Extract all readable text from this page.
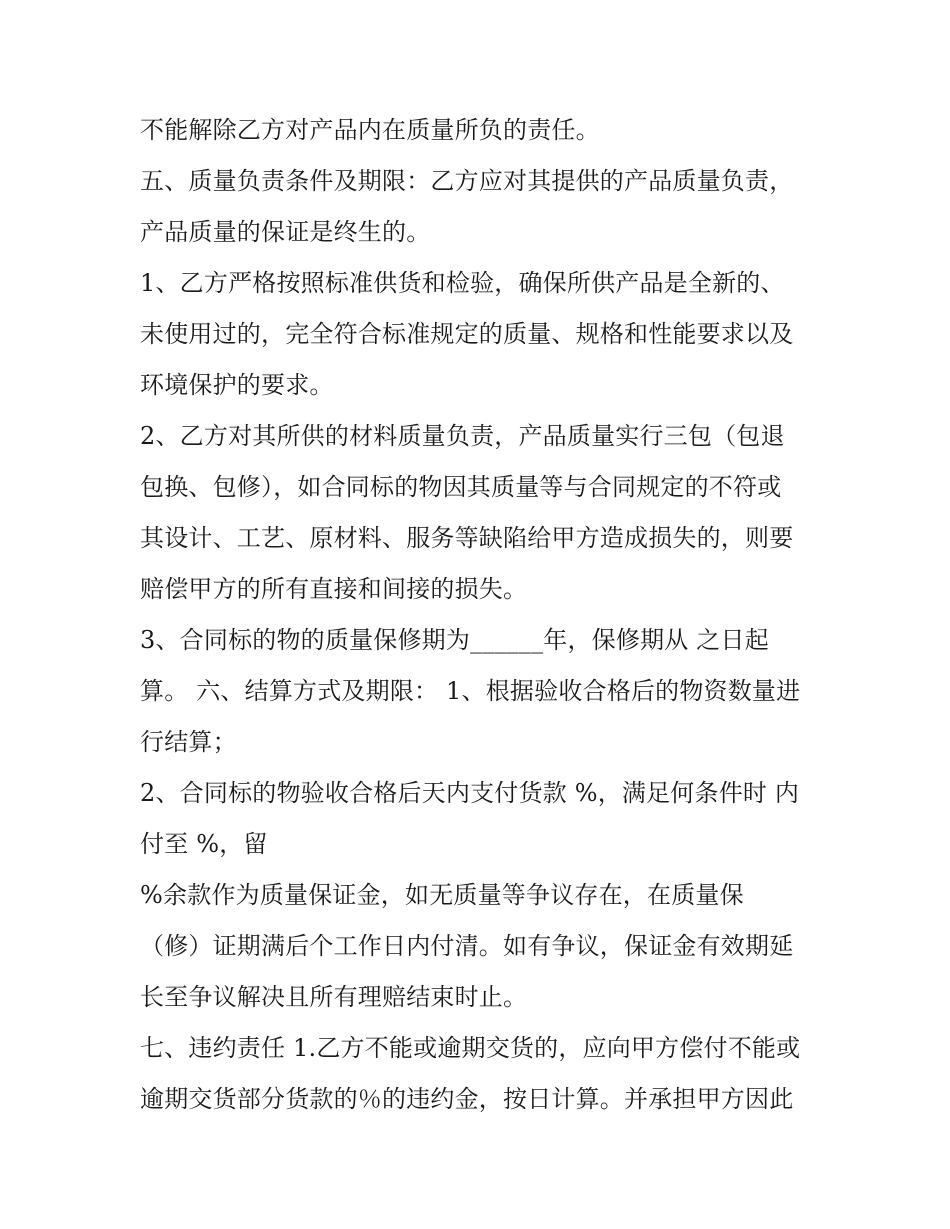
不能解除乙方对产品内在质量所负的责任。
五、质量负责条件及期限：乙方应对其提供的产品质量负责，
产品质量的保证是终生的。
1、乙方严格按照标准供货和检验，确保所供产品是全新的、
未使用过的，完全符合标准规定的质量、规格和性能要求以及
环境保护的要求。
2、乙方对其所供的材料质量负责，产品质量实行三包（包退
包换、包修），如合同标的物因其质量等与合同规定的不符或
其设计、工艺、原材料、服务等缺陷给甲方造成损失的，则要
赔偿甲方的所有直接和间接的损失。
3、合同标的物的质量保修期为______年，保修期从 之日起
算。 六、结算方式及期限： 1、根据验收合格后的物资数量进
行结算；
2、合同标的物验收合格后天内支付货款 %，满足何条件时 内
付至 %，留
%余款作为质量保证金，如无质量等争议存在，在质量保
（修）证期满后个工作日内付清。如有争议，保证金有效期延
长至争议解决且所有理赔结束时止。
七、违约责任 1.乙方不能或逾期交货的，应向甲方偿付不能或
逾期交货部分货款的％的违约金，按日计算。并承担甲方因此
